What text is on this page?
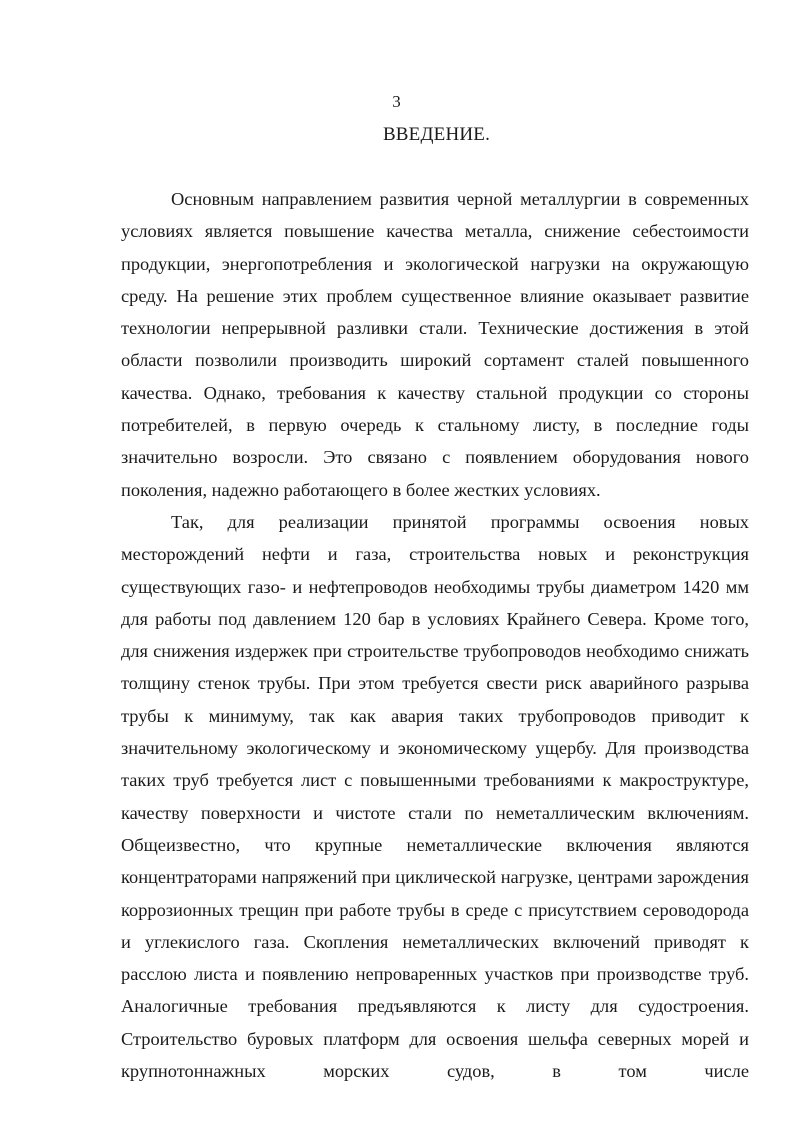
3

ВВЕДЕНИЕ.

Основным направлением развития черной металлургии в современных условиях является повышение качества металла, снижение себестоимости продукции, энергопотребления и экологической нагрузки на окружающую среду. На решение этих проблем существенное влияние оказывает развитие технологии непрерывной разливки стали. Технические достижения в этой области позволили производить широкий сортамент сталей повышенного качества. Однако, требования к качеству стальной продукции со стороны потребителей, в первую очередь к стальному листу, в последние годы значительно возросли. Это связано с появлением оборудования нового поколения, надежно работающего в более жестких условиях.

Так, для реализации принятой программы освоения новых месторождений нефти и газа, строительства новых и реконструкция существующих газо- и нефтепроводов необходимы трубы диаметром 1420 мм для работы под давлением 120 бар в условиях Крайнего Севера. Кроме того, для снижения издержек при строительстве трубопроводов необходимо снижать толщину стенок трубы. При этом требуется свести риск аварийного разрыва трубы к минимуму, так как авария таких трубопроводов приводит к значительному экологическому и экономическому ущербу. Для производства таких труб требуется лист с повышенными требованиями к макроструктуре, качеству поверхности и чистоте стали по неметаллическим включениям. Общеизвестно, что крупные неметаллические включения являются концентраторами напряжений при циклической нагрузке, центрами зарождения коррозионных трещин при работе трубы в среде с присутствием сероводорода и углекислого газа. Скопления неметаллических включений приводят к расслою листа и появлению непроваренных участков при производстве труб. Аналогичные требования предъявляются к листу для судостроения. Строительство буровых платформ для освоения шельфа северных морей и крупнотоннажных морских судов, в том числе
